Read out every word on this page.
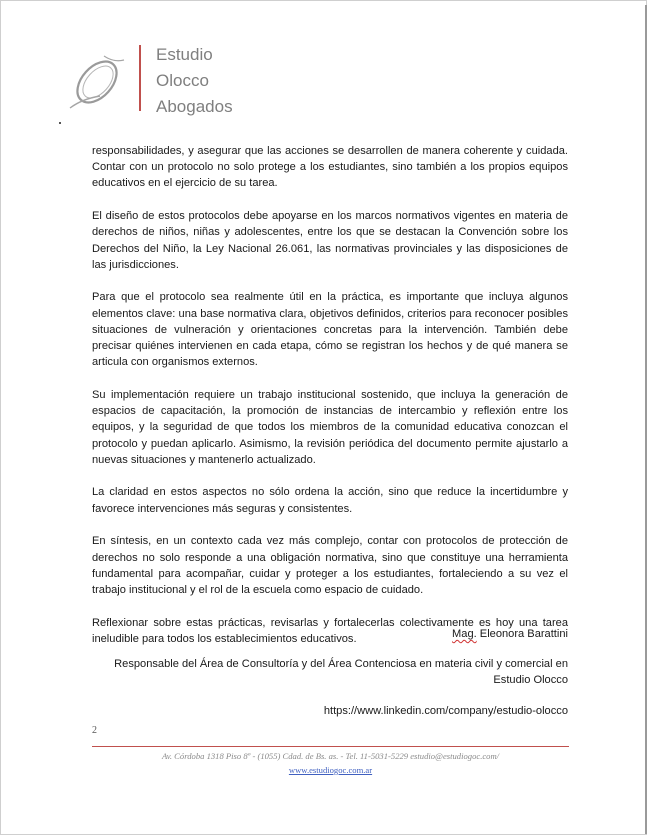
Estudio
Olocco
Abogados

responsabilidades, y asegurar que las acciones se desarrollen de manera coherente y cuidada. Contar con un protocolo no solo protege a los estudiantes, sino también a los propios equipos educativos en el ejercicio de su tarea.

El diseño de estos protocolos debe apoyarse en los marcos normativos vigentes en materia de derechos de niños, niñas y adolescentes, entre los que se destacan la Convención sobre los Derechos del Niño, la Ley Nacional 26.061, las normativas provinciales y las disposiciones de las jurisdicciones.

Para que el protocolo sea realmente útil en la práctica, es importante que incluya algunos elementos clave: una base normativa clara, objetivos definidos, criterios para reconocer posibles situaciones de vulneración y orientaciones concretas para la intervención. También debe precisar quiénes intervienen en cada etapa, cómo se registran los hechos y de qué manera se articula con organismos externos.

Su implementación requiere un trabajo institucional sostenido, que incluya la generación de espacios de capacitación, la promoción de instancias de intercambio y reflexión entre los equipos, y la seguridad de que todos los miembros de la comunidad educativa conozcan el protocolo y puedan aplicarlo. Asimismo, la revisión periódica del documento permite ajustarlo a nuevas situaciones y mantenerlo actualizado.

La claridad en estos aspectos no sólo ordena la acción, sino que reduce la incertidumbre y favorece intervenciones más seguras y consistentes.

En síntesis, en un contexto cada vez más complejo, contar con protocolos de protección de derechos no solo responde a una obligación normativa, sino que constituye una herramienta fundamental para acompañar, cuidar y proteger a los estudiantes, fortaleciendo a su vez el trabajo institucional y el rol de la escuela como espacio de cuidado.

Reflexionar sobre estas prácticas, revisarlas y fortalecerlas colectivamente es hoy una tarea ineludible para todos los establecimientos educativos.	Mag. Eleonora Barattini
Responsable del Área de Consultoría y del Área Contenciosa en materia civil y comercial en
Estudio Olocco
https://www.linkedin.com/company/estudio-olocco
2
Av. Córdoba 1318 Piso 8º - (1055) Cdad. de Bs. as. - Tel. 11-5031-5229 estudio@estudiogoc.com/
www.estudiogoc.com.ar
